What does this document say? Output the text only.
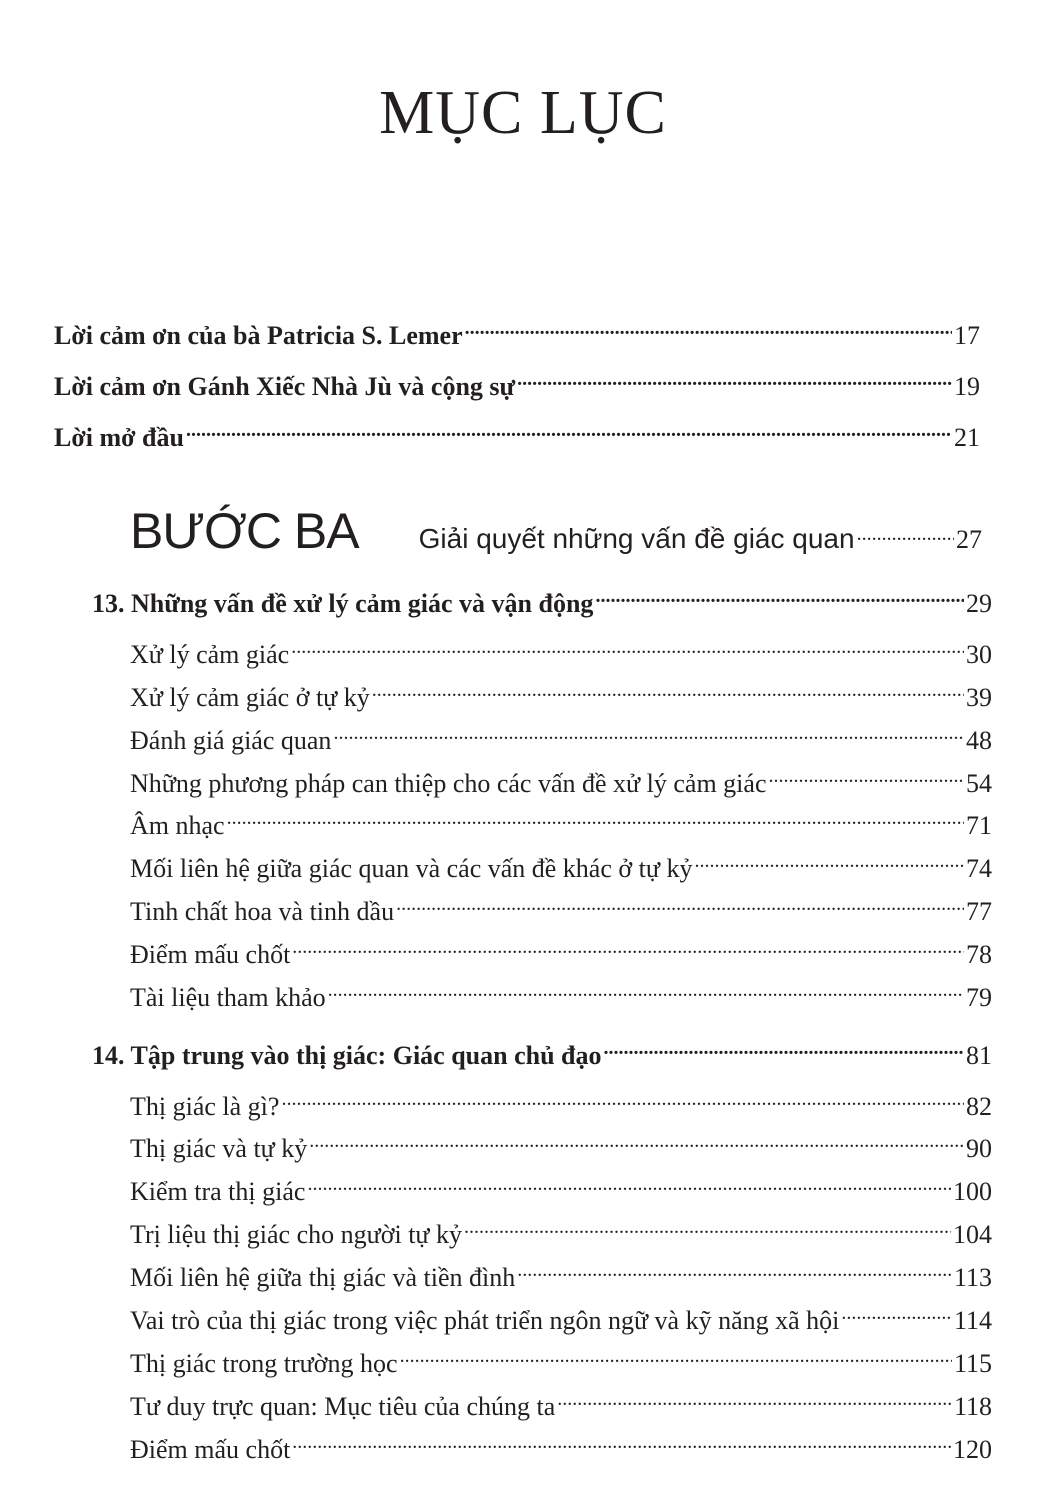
MỤC LỤC
Lời cảm ơn của bà Patricia S. Lemer .....	17
Lời cảm ơn Gánh Xiếc Nhà Jù và cộng sự .....	19
Lời mở đầu .....	21
BƯỚC BA Giải quyết những vấn đề giác quan .....	27
13. Những vấn đề xử lý cảm giác và vận động .....	29
Xử lý cảm giác .....	30
Xử lý cảm giác ở tự kỷ .....	39
Đánh giá giác quan .....	48
Những phương pháp can thiệp cho các vấn đề xử lý cảm giác .....	54
Âm nhạc .....	71
Mối liên hệ giữa giác quan và các vấn đề khác ở tự kỷ .....	74
Tinh chất hoa và tinh dầu .....	77
Điểm mấu chốt .....	78
Tài liệu tham khảo .....	79
14. Tập trung vào thị giác: Giác quan chủ đạo .....	81
Thị giác là gì? .....	82
Thị giác và tự kỷ .....	90
Kiểm tra thị giác .....	100
Trị liệu thị giác cho người tự kỷ .....	104
Mối liên hệ giữa thị giác và tiền đình .....	113
Vai trò của thị giác trong việc phát triển ngôn ngữ và kỹ năng xã hội .....	114
Thị giác trong trường học .....	115
Tư duy trực quan: Mục tiêu của chúng ta .....	118
Điểm mấu chốt .....	120
